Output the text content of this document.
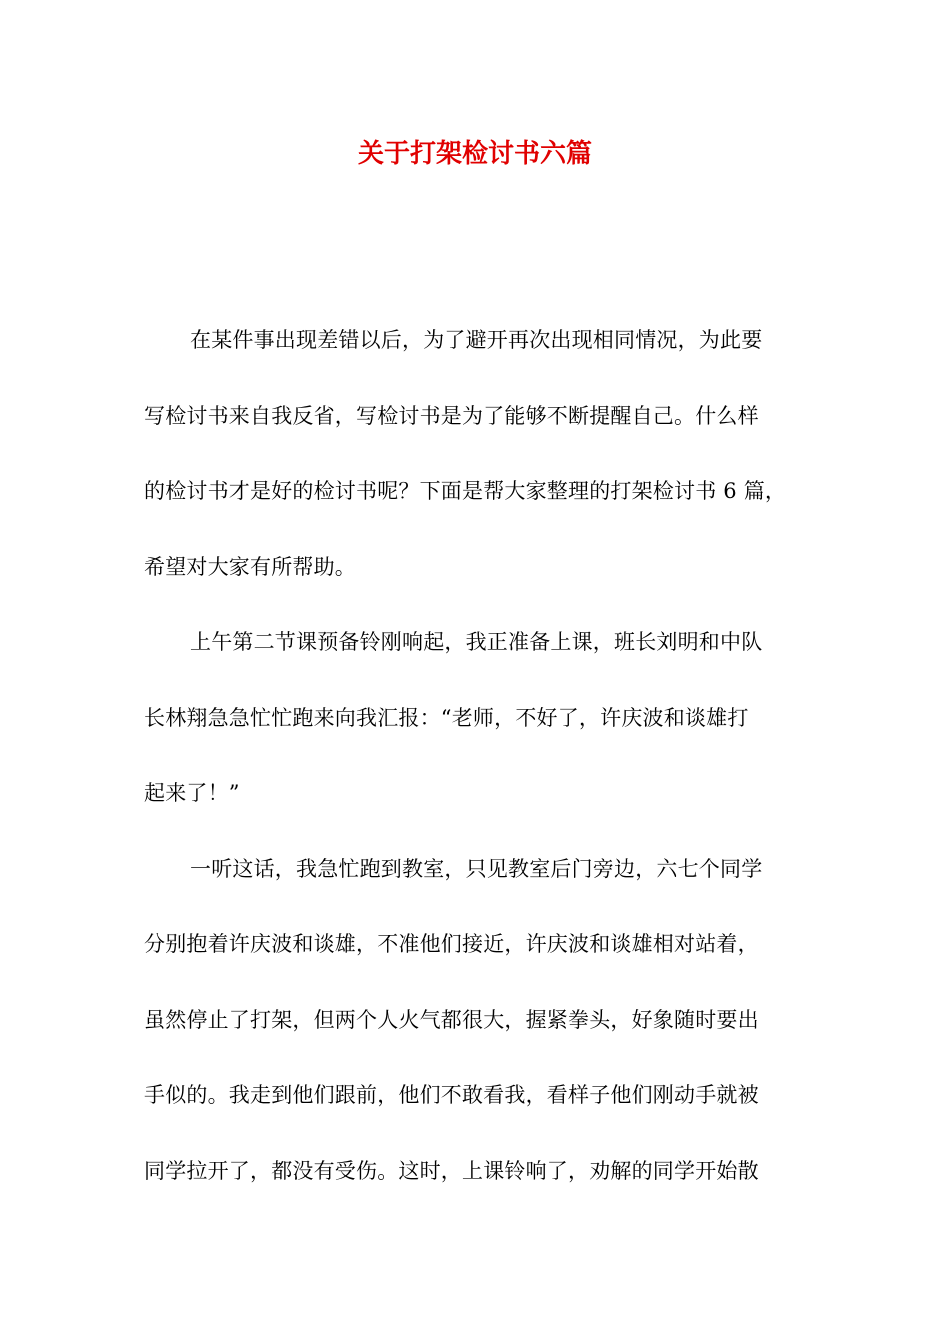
关于打架检讨书六篇
在某件事出现差错以后，为了避开再次出现相同情况，为此要
写检讨书来自我反省，写检讨书是为了能够不断提醒自己。什么样
的检讨书才是好的检讨书呢？下面是帮大家整理的打架检讨书 6 篇，
希望对大家有所帮助。
上午第二节课预备铃刚响起，我正准备上课，班长刘明和中队
长林翔急急忙忙跑来向我汇报：“老师，不好了，许庆波和谈雄打
起来了！”
一听这话，我急忙跑到教室，只见教室后门旁边，六七个同学
分别抱着许庆波和谈雄，不准他们接近，许庆波和谈雄相对站着，
虽然停止了打架，但两个人火气都很大，握紧拳头，好象随时要出
手似的。我走到他们跟前，他们不敢看我，看样子他们刚动手就被
同学拉开了，都没有受伤。这时，上课铃响了，劝解的同学开始散
